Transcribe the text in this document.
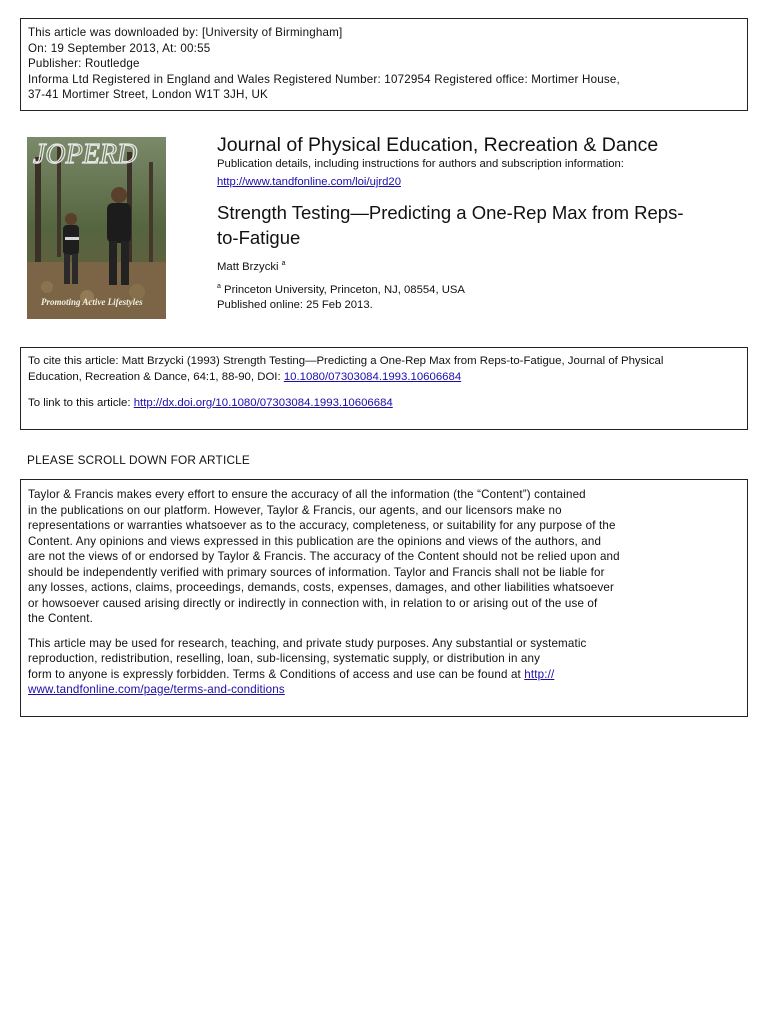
This article was downloaded by: [University of Birmingham]
On: 19 September 2013, At: 00:55
Publisher: Routledge
Informa Ltd Registered in England and Wales Registered Number: 1072954 Registered office: Mortimer House,
37-41 Mortimer Street, London W1T 3JH, UK
JOPERD
Promoting Active Lifestyles
Journal of Physical Education, Recreation & Dance
Publication details, including instructions for authors and subscription information:
http://www.tandfonline.com/loi/ujrd20
Strength Testing—Predicting a One-Rep Max from Reps-
to-Fatigue
Matt Brzycki $^a$
$^a$ Princeton University, Princeton, NJ, 08554, USA
Published online: 25 Feb 2013.
To cite this article: Matt Brzycki (1993) Strength Testing—Predicting a One-Rep Max from Reps-to-Fatigue, Journal of Physical
Education, Recreation & Dance, 64:1, 88-90, DOI: 10.1080/07303084.1993.10606684
To link to this article: http://dx.doi.org/10.1080/07303084.1993.10606684
PLEASE SCROLL DOWN FOR ARTICLE
Taylor & Francis makes every effort to ensure the accuracy of all the information (the “Content”) contained
in the publications on our platform. However, Taylor & Francis, our agents, and our licensors make no
representations or warranties whatsoever as to the accuracy, completeness, or suitability for any purpose of the
Content. Any opinions and views expressed in this publication are the opinions and views of the authors, and
are not the views of or endorsed by Taylor & Francis. The accuracy of the Content should not be relied upon and
should be independently verified with primary sources of information. Taylor and Francis shall not be liable for
any losses, actions, claims, proceedings, demands, costs, expenses, damages, and other liabilities whatsoever
or howsoever caused arising directly or indirectly in connection with, in relation to or arising out of the use of
the Content.
This article may be used for research, teaching, and private study purposes. Any substantial or systematic
reproduction, redistribution, reselling, loan, sub-licensing, systematic supply, or distribution in any
form to anyone is expressly forbidden. Terms & Conditions of access and use can be found at http://
www.tandfonline.com/page/terms-and-conditions
